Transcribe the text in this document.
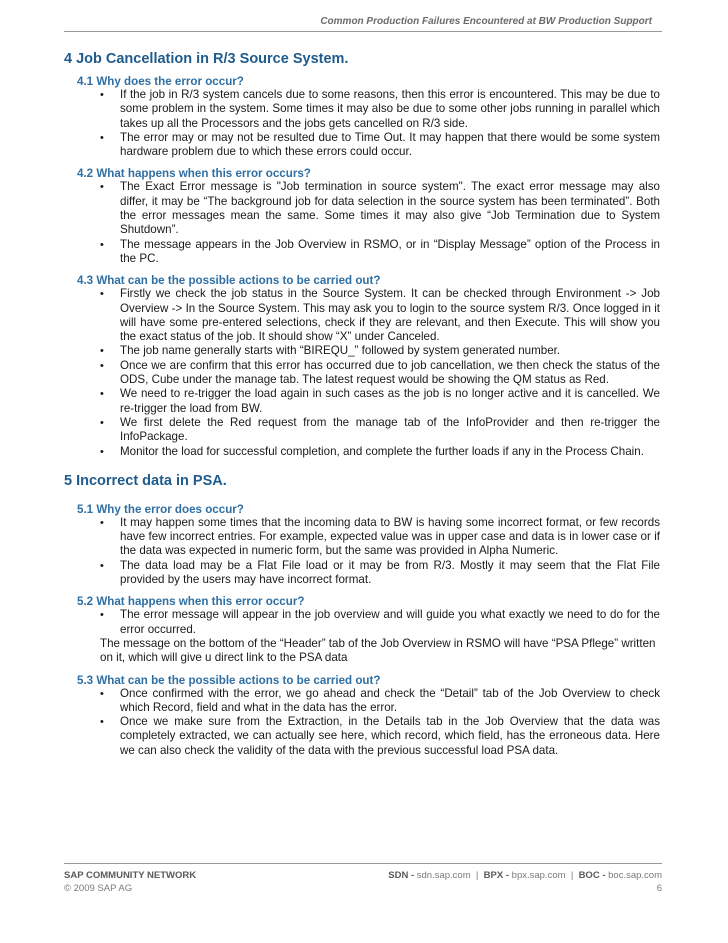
Common Production Failures Encountered at BW Production Support
4 Job Cancellation in R/3 Source System.
4.1 Why does the error occur?
• If the job in R/3 system cancels due to some reasons, then this error is encountered. This may be due to some problem in the system. Some times it may also be due to some other jobs running in parallel which takes up all the Processors and the jobs gets cancelled on R/3 side.
• The error may or may not be resulted due to Time Out. It may happen that there would be some system hardware problem due to which these errors could occur.
4.2 What happens when this error occurs?
• The Exact Error message is "Job termination in source system". The exact error message may also differ, it may be “The background job for data selection in the source system has been terminated”. Both the error messages mean the same. Some times it may also give “Job Termination due to System Shutdown”.
• The message appears in the Job Overview in RSMO, or in “Display Message” option of the Process in the PC.
4.3 What can be the possible actions to be carried out?
• Firstly we check the job status in the Source System. It can be checked through Environment -> Job Overview -> In the Source System. This may ask you to login to the source system R/3. Once logged in it will have some pre-entered selections, check if they are relevant, and then Execute. This will show you the exact status of the job. It should show “X” under Canceled.
• The job name generally starts with “BIREQU_” followed by system generated number.
• Once we are confirm that this error has occurred due to job cancellation, we then check the status of the ODS, Cube under the manage tab. The latest request would be showing the QM status as Red.
• We need to re-trigger the load again in such cases as the job is no longer active and it is cancelled. We re-trigger the load from BW.
• We first delete the Red request from the manage tab of the InfoProvider and then re-trigger the InfoPackage.
• Monitor the load for successful completion, and complete the further loads if any in the Process Chain.
5 Incorrect data in PSA.
5.1 Why the error does occur?
• It may happen some times that the incoming data to BW is having some incorrect format, or few records have few incorrect entries. For example, expected value was in upper case and data is in lower case or if the data was expected in numeric form, but the same was provided in Alpha Numeric.
• The data load may be a Flat File load or it may be from R/3. Mostly it may seem that the Flat File provided by the users may have incorrect format.
5.2 What happens when this error occur?
• The error message will appear in the job overview and will guide you what exactly we need to do for the error occurred.

The message on the bottom of the “Header” tab of the Job Overview in RSMO will have “PSA Pflege” written on it, which will give u direct link to the PSA data

5.3 What can be the possible actions to be carried out?
• Once confirmed with the error, we go ahead and check the “Detail” tab of the Job Overview to check which Record, field and what in the data has the error.
• Once we make sure from the Extraction, in the Details tab in the Job Overview that the data was completely extracted, we can actually see here, which record, which field, has the erroneous data. Here we can also check the validity of the data with the previous successful load PSA data.
SAP COMMUNITY NETWORK	SDN - sdn.sap.com | BPX - bpx.sap.com | BOC - boc.sap.com
© 2009 SAP AG	6
